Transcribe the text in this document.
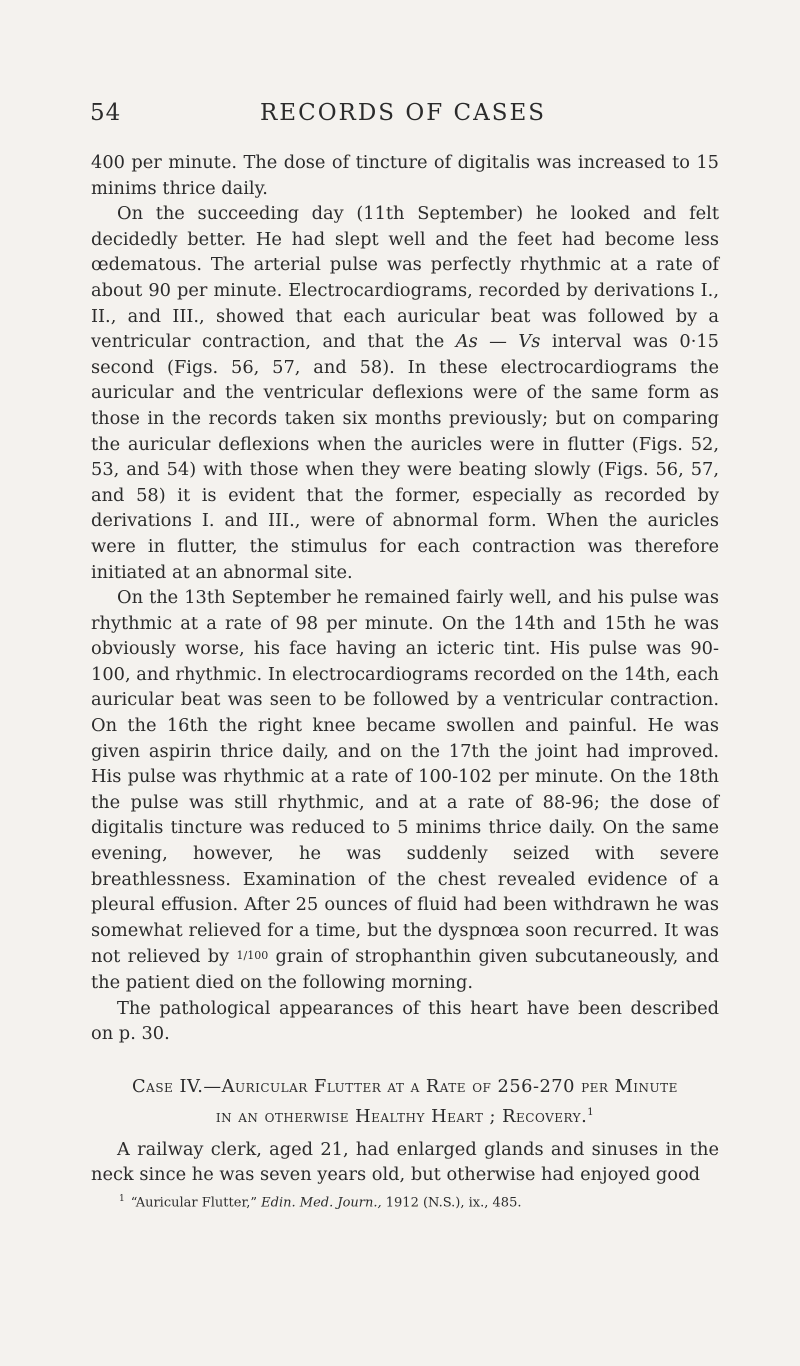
54	RECORDS OF CASES

400 per minute. The dose of tincture of digitalis was increased to 15 minims thrice daily.

On the succeeding day (11th September) he looked and felt decidedly better. He had slept well and the feet had become less œdematous. The arterial pulse was perfectly rhythmic at a rate of about 90 per minute. Electrocardiograms, recorded by derivations I., II., and III., showed that each auricular beat was followed by a ventricular contraction, and that the As — Vs interval was 0·15 second (Figs. 56, 57, and 58). In these electrocardiograms the auricular and the ventricular deflexions were of the same form as those in the records taken six months previously; but on comparing the auricular deflexions when the auricles were in flutter (Figs. 52, 53, and 54) with those when they were beating slowly (Figs. 56, 57, and 58) it is evident that the former, especially as recorded by derivations I. and III., were of abnormal form. When the auricles were in flutter, the stimulus for each contraction was therefore initiated at an abnormal site.

On the 13th September he remained fairly well, and his pulse was rhythmic at a rate of 98 per minute. On the 14th and 15th he was obviously worse, his face having an icteric tint. His pulse was 90-100, and rhythmic. In electrocardiograms recorded on the 14th, each auricular beat was seen to be followed by a ventricular contraction. On the 16th the right knee became swollen and painful. He was given aspirin thrice daily, and on the 17th the joint had improved. His pulse was rhythmic at a rate of 100-102 per minute. On the 18th the pulse was still rhythmic, and at a rate of 88-96; the dose of digitalis tincture was reduced to 5 minims thrice daily. On the same evening, however, he was suddenly seized with severe breathlessness. Examination of the chest revealed evidence of a pleural effusion. After 25 ounces of fluid had been withdrawn he was somewhat relieved for a time, but the dyspnœa soon recurred. It was not relieved by 1/100 grain of strophanthin given subcutaneously, and the patient died on the following morning.

The pathological appearances of this heart have been described on p. 30.

Case IV.—Auricular Flutter at a Rate of 256-270 per Minute
in an otherwise Healthy Heart ; Recovery.$^1$

A railway clerk, aged 21, had enlarged glands and sinuses in the neck since he was seven years old, but otherwise had enjoyed good

$^1$ “Auricular Flutter,” Edin. Med. Journ., 1912 (N.S.), ix., 485.
